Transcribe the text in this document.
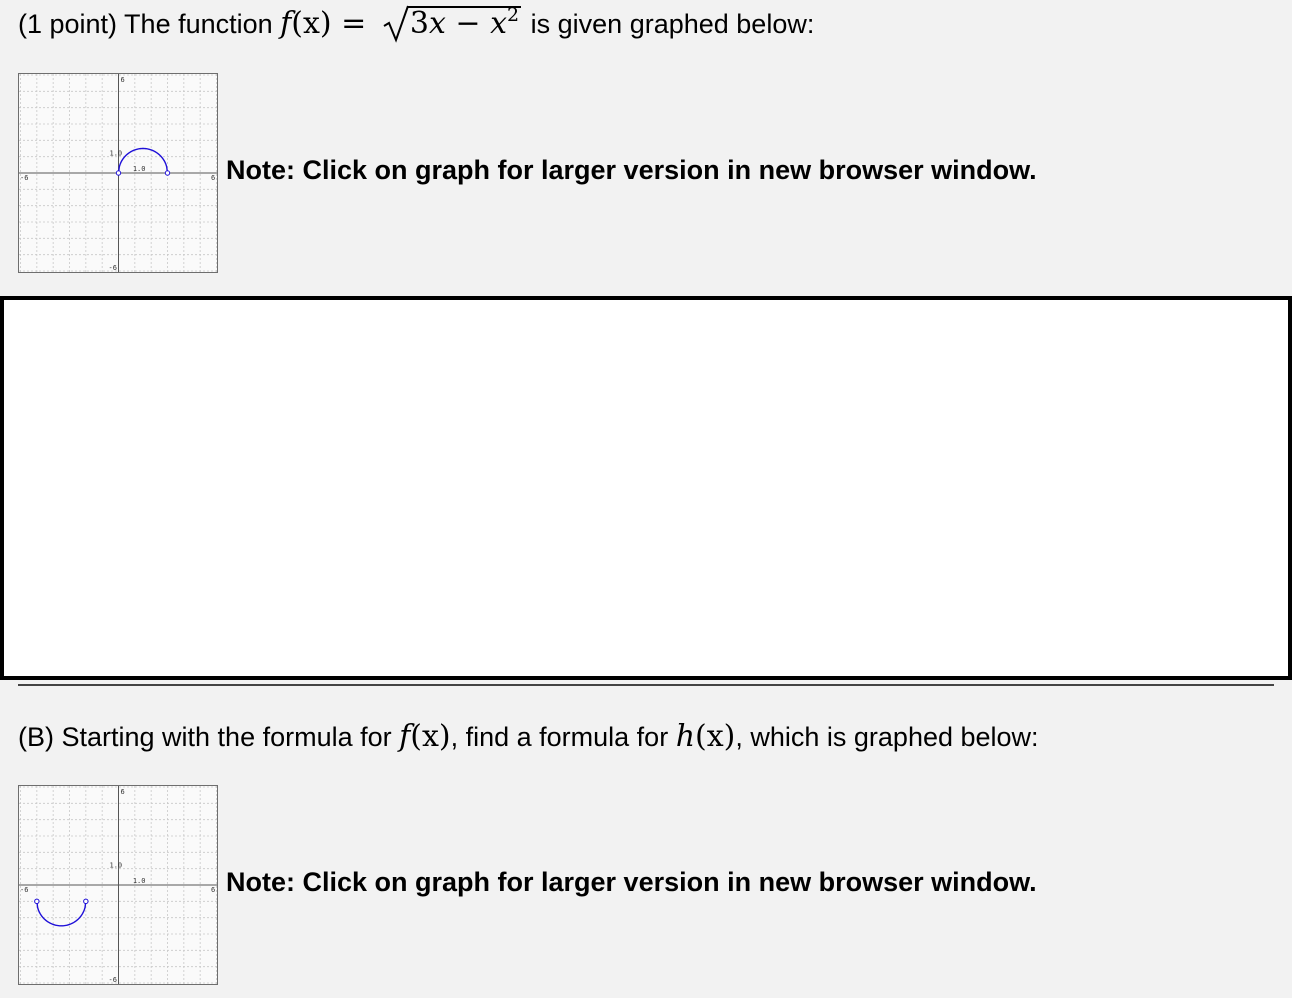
(1 point) The function $f(x) = 3x - x^2$ is given graphed below:
-6	6
6
-6
1.0
1.0	Note: Click on graph for larger version in new browser window.
(B) Starting with the formula for f(x), find a formula for h(x), which is graphed below:
-6	6
6
-6
1.0
1.0	Note: Click on graph for larger version in new browser window.
